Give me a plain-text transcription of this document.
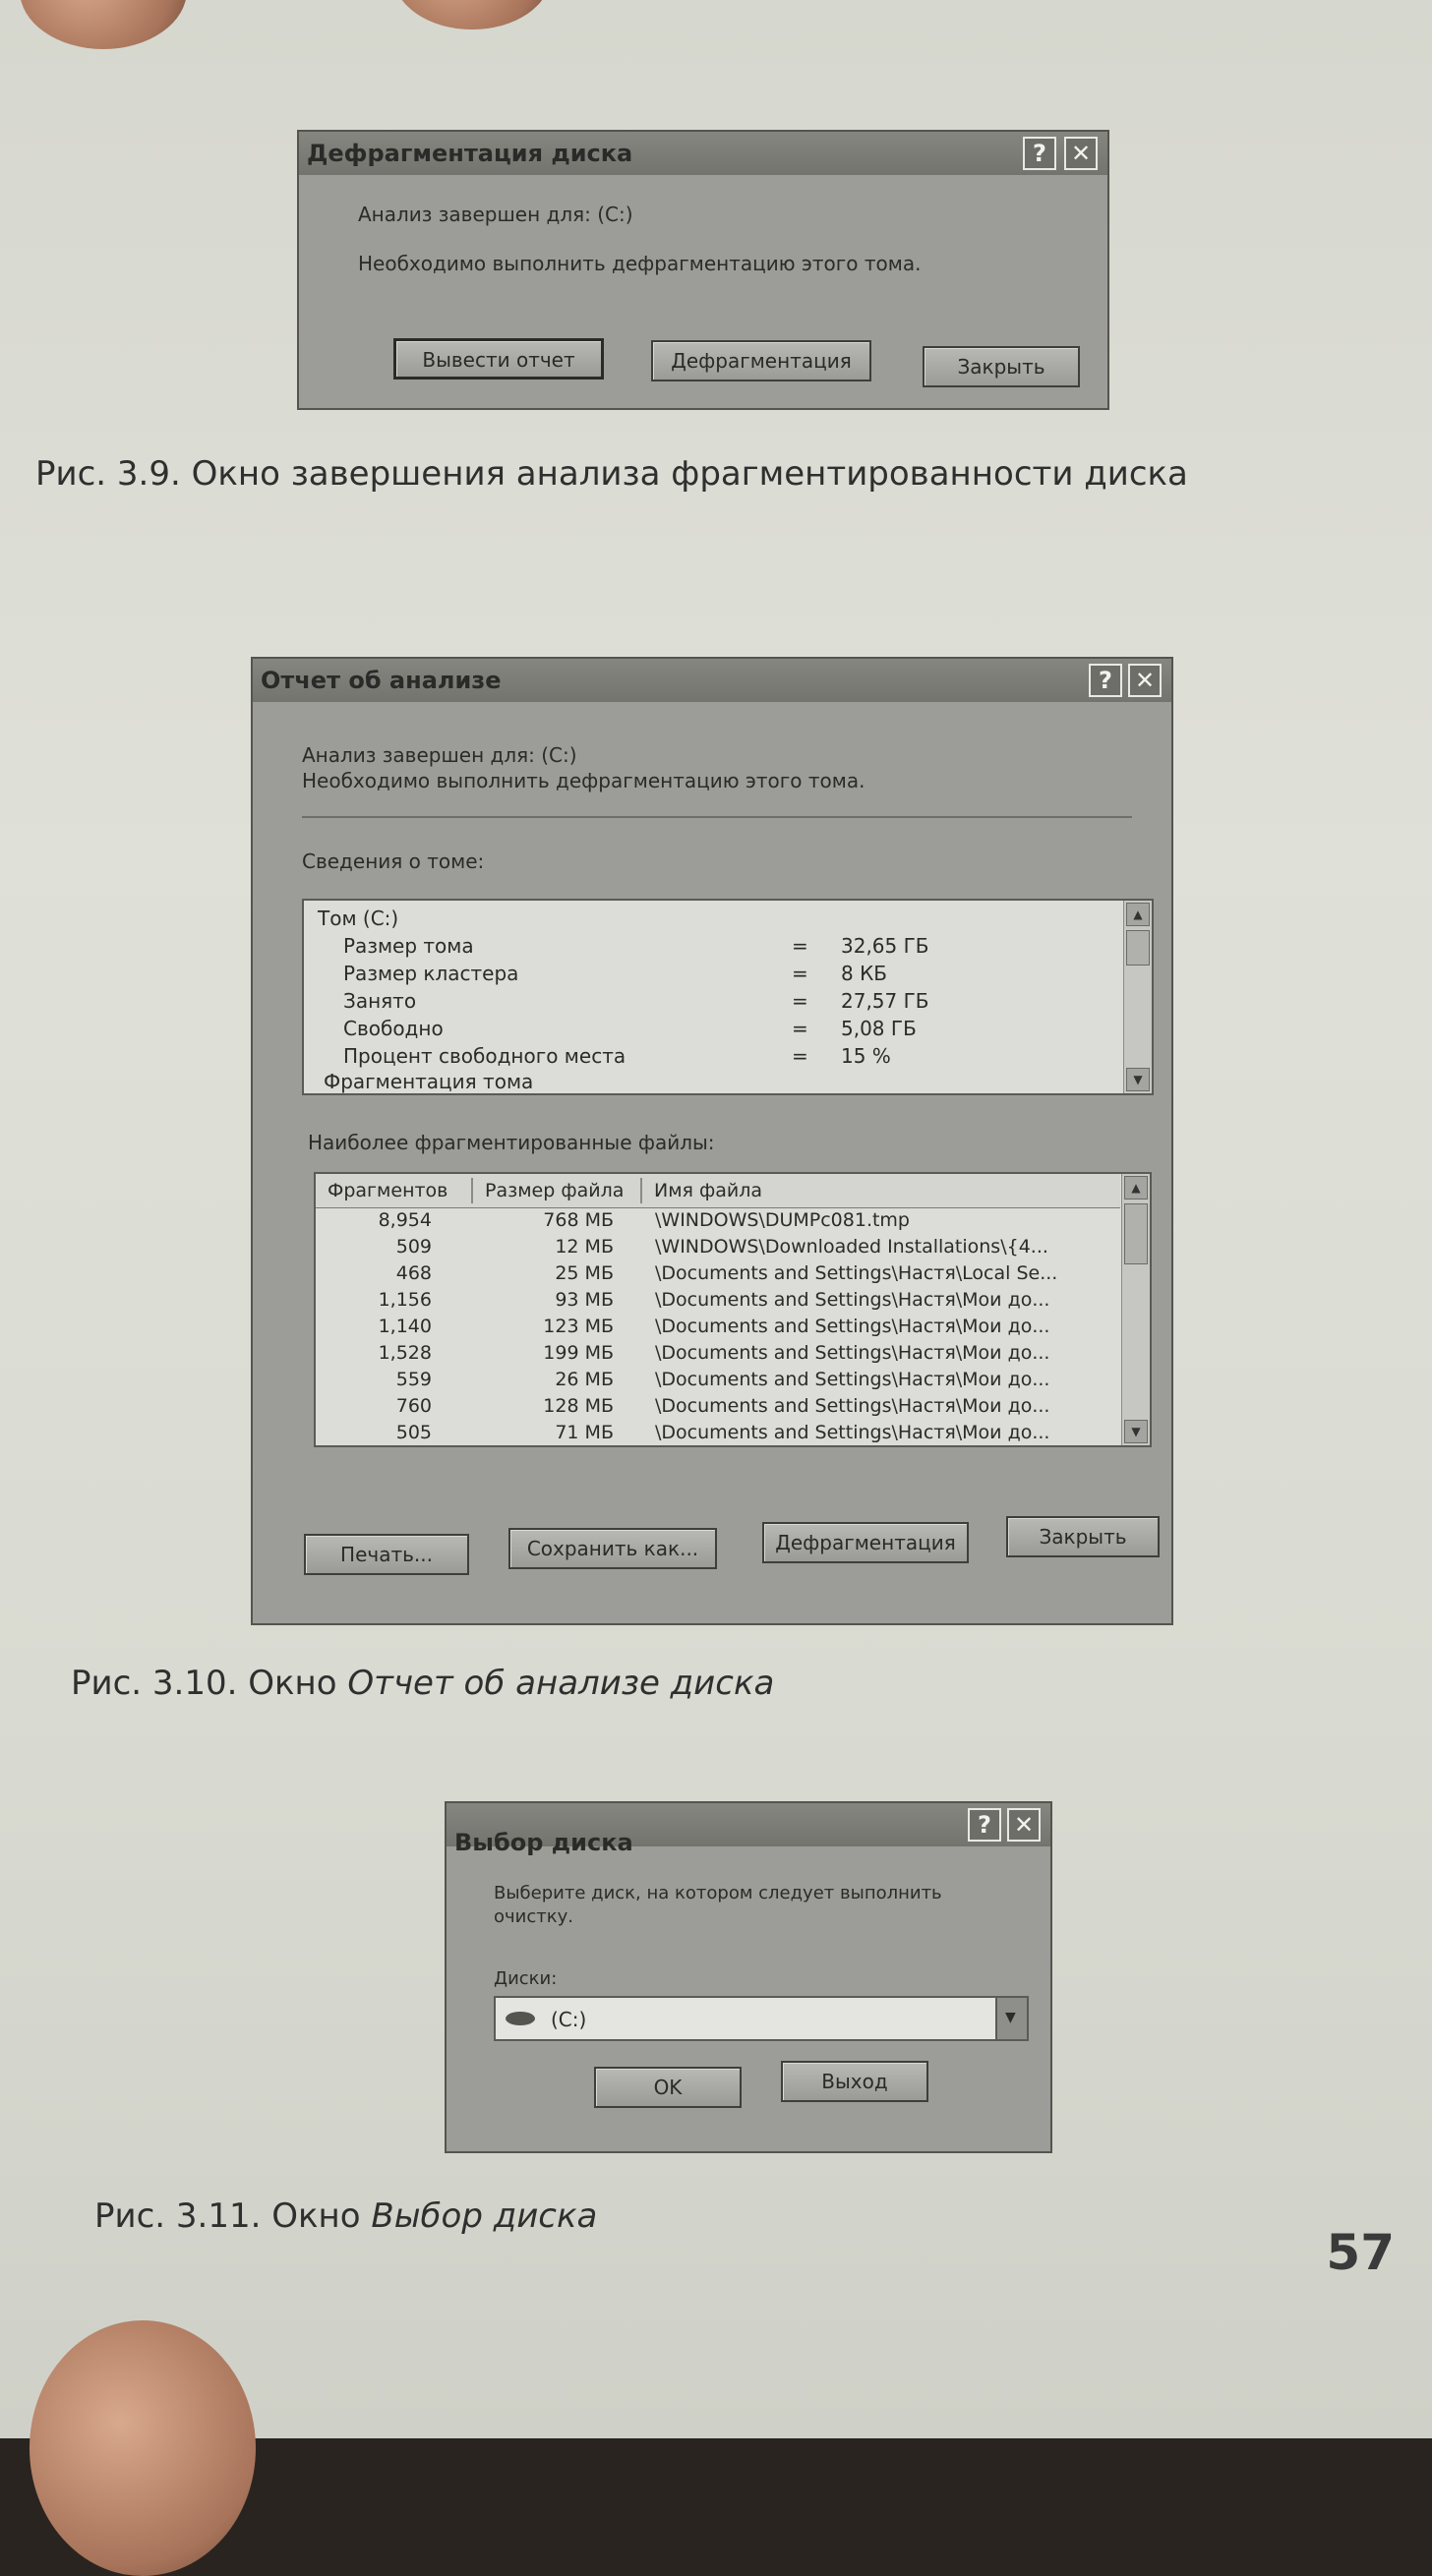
Дефрагментация диска	?	✕
Анализ завершен для: (C:)
Необходимо выполнить дефрагментацию этого тома.
Вывести отчет	Дефрагментация	Закрыть
Рис. 3.9. Окно завершения анализа фрагментированности диска
Отчет об анализе	? ✕
Анализ завершен для: (C:)
Необходимо выполнить дефрагментацию этого тома.
Сведения о томе:
Том (C:)
Размер тома	= 32,65 ГБ
Размер кластера	= 8 КБ
Занято	= 27,57 ГБ
Свободно	= 5,08 ГБ
Процент свободного места	= 15 %
Фрагментация тома
▲
▼
Наиболее фрагментированные файлы:
Фрагментов Размер файла Имя файла
8,954	768 МБ \WINDOWS\DUMPc081.tmp
509	12 МБ \WINDOWS\Downloaded Installations\{4...
468	25 МБ \Documents and Settings\Настя\Local Se...
1,156	93 МБ \Documents and Settings\Настя\Мои до...
1,140	123 МБ \Documents and Settings\Настя\Мои до...
1,528	199 МБ \Documents and Settings\Настя\Мои до...
559	26 МБ \Documents and Settings\Настя\Мои до...
760	128 МБ \Documents and Settings\Настя\Мои до...
505	71 МБ \Documents and Settings\Настя\Мои до...
▲
▼
Печать...	Сохранить как...	Дефрагментация	Закрыть
Рис. 3.10. Окно Отчет об анализе диска
Выбор диска
? ✕
Выберите диск, на котором следует выполнить очистку.
Диски:
(C:)	▼
OK	Выход
Рис. 3.11. Окно Выбор диска
57
